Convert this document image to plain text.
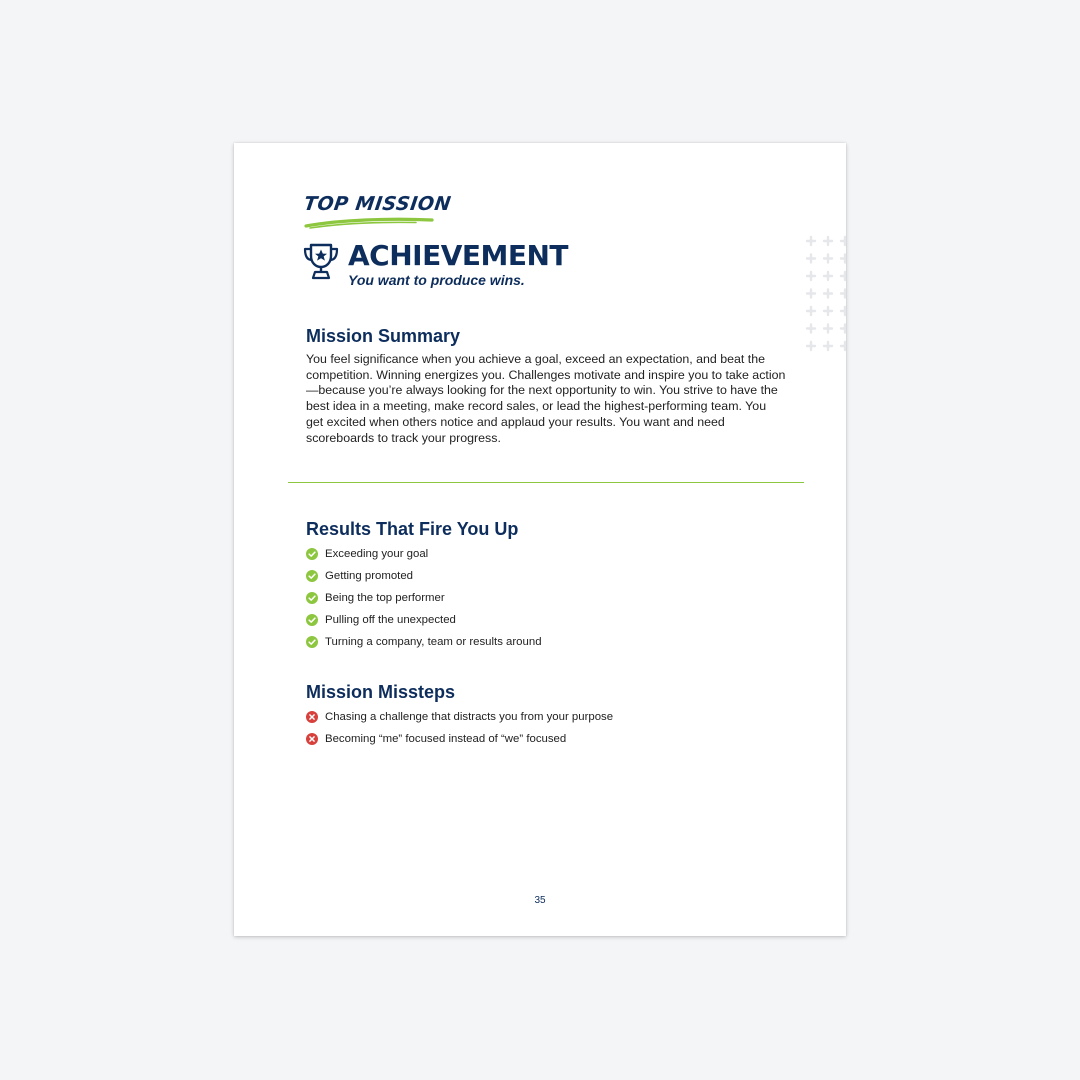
TOP MISSION
ACHIEVEMENT
You want to produce wins.
Mission Summary

You feel significance when you achieve a goal, exceed an expectation, and beat the competition. Winning energizes you. Challenges motivate and inspire you to take action—because you’re always looking for the next opportunity to win. You strive to have the best idea in a meeting, make record sales, or lead the highest-performing team. You get excited when others notice and applaud your results. You want and need scoreboards to track your progress.

Results That Fire You Up
Exceeding your goal
Getting promoted
Being the top performer
Pulling off the unexpected
Turning a company, team or results around
Mission Missteps
Chasing a challenge that distracts you from your purpose
Becoming “me” focused instead of “we” focused
35
